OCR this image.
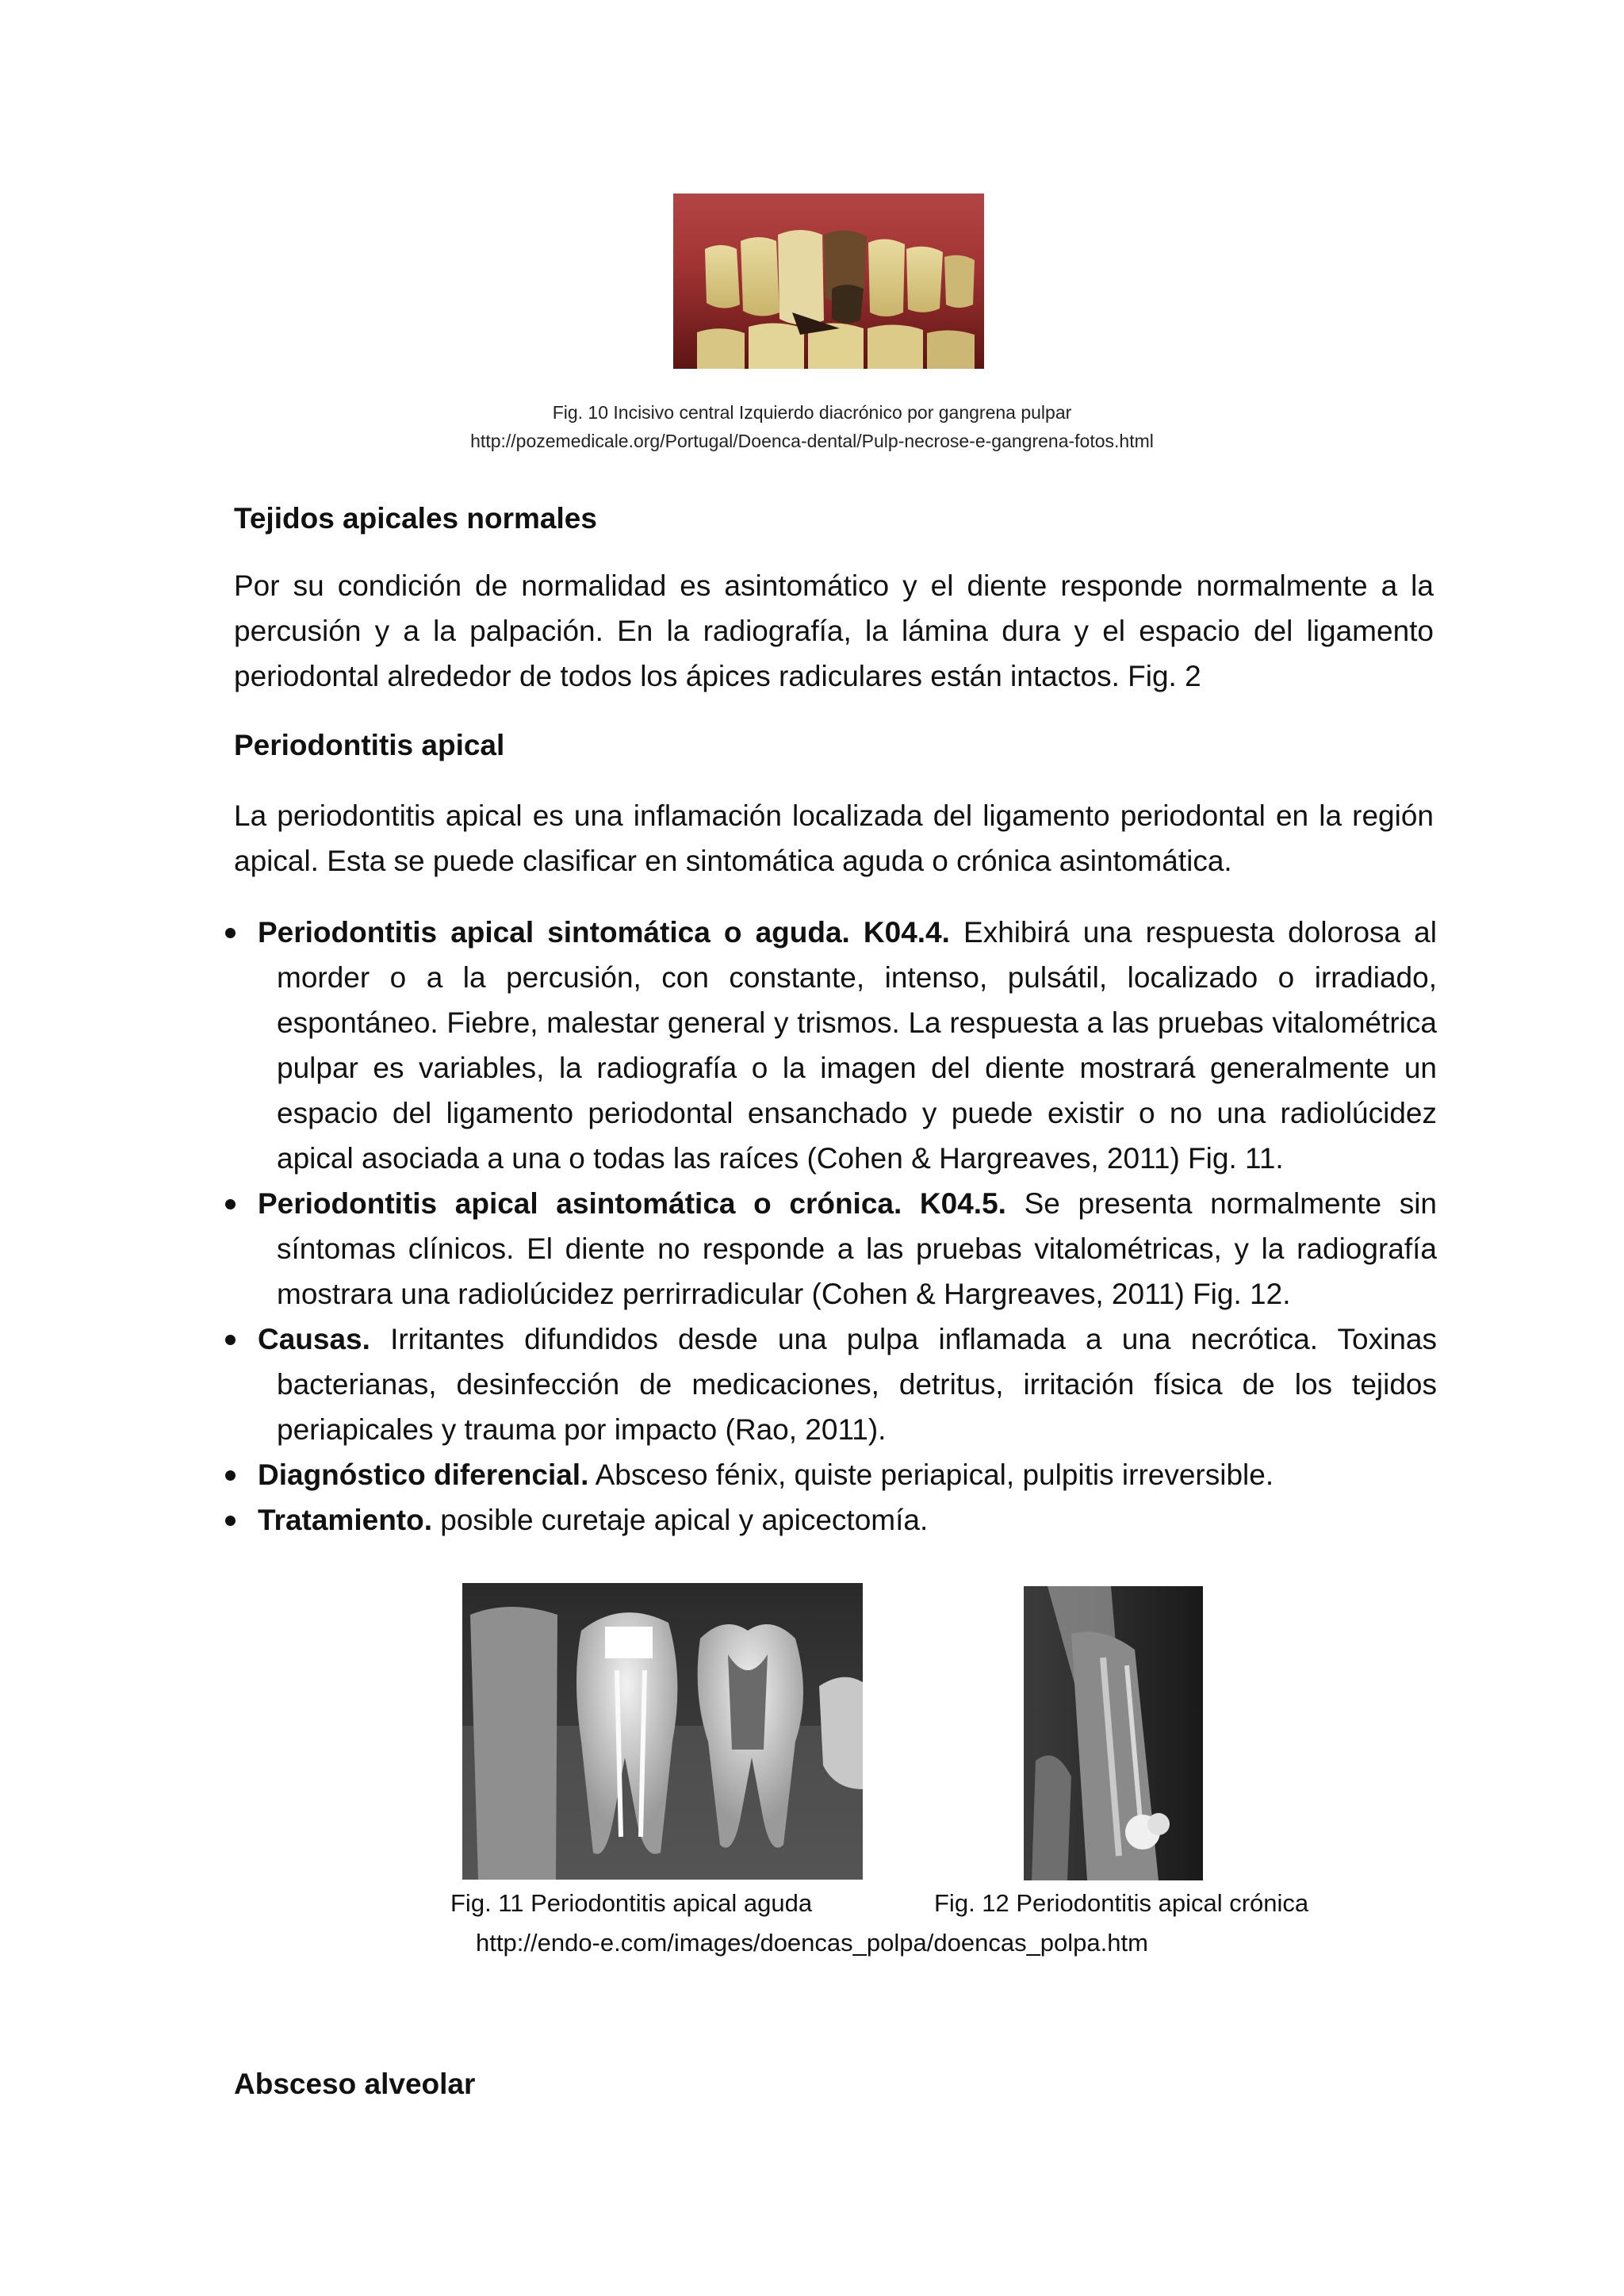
Fig. 10 Incisivo central Izquierdo diacrónico por gangrena pulpar
http://pozemedicale.org/Portugal/Doenca-dental/Pulp-necrose-e-gangrena-fotos.html
Tejidos apicales normales
Por su condición de normalidad es asintomático y el diente responde normalmente a la percusión y a la palpación. En la radiografía, la lámina dura y el espacio del ligamento periodontal alrededor de todos los ápices radiculares están intactos. Fig. 2
Periodontitis apical
La periodontitis apical es una inflamación localizada del ligamento periodontal en la región apical. Esta se puede clasificar en sintomática aguda o crónica asintomática.

Periodontitis apical sintomática o aguda. K04.4. Exhibirá una respuesta dolorosa al morder o a la percusión, con constante, intenso, pulsátil, localizado o irradiado, espontáneo. Fiebre, malestar general y trismos. La respuesta a las pruebas vitalométrica pulpar es variables, la radiografía o la imagen del diente mostrará generalmente un espacio del ligamento periodontal ensanchado y puede existir o no una radiolúcidez apical asociada a una o todas las raíces (Cohen & Hargreaves, 2011) Fig. 11.

Periodontitis apical asintomática o crónica. K04.5. Se presenta normalmente sin síntomas clínicos. El diente no responde a las pruebas vitalométricas, y la radiografía mostrara una radiolúcidez perrirradicular (Cohen & Hargreaves, 2011) Fig. 12.

Causas. Irritantes difundidos desde una pulpa inflamada a una necrótica. Toxinas bacterianas, desinfección de medicaciones, detritus, irritación física de los tejidos periapicales y trauma por impacto (Rao, 2011).

Diagnóstico diferencial. Absceso fénix, quiste periapical, pulpitis irreversible.

Tratamiento. posible curetaje apical y apicectomía.

Fig. 11 Periodontitis apical aguda	Fig. 12 Periodontitis apical crónica
http://endo-e.com/images/doencas_polpa/doencas_polpa.htm
Absceso alveolar
